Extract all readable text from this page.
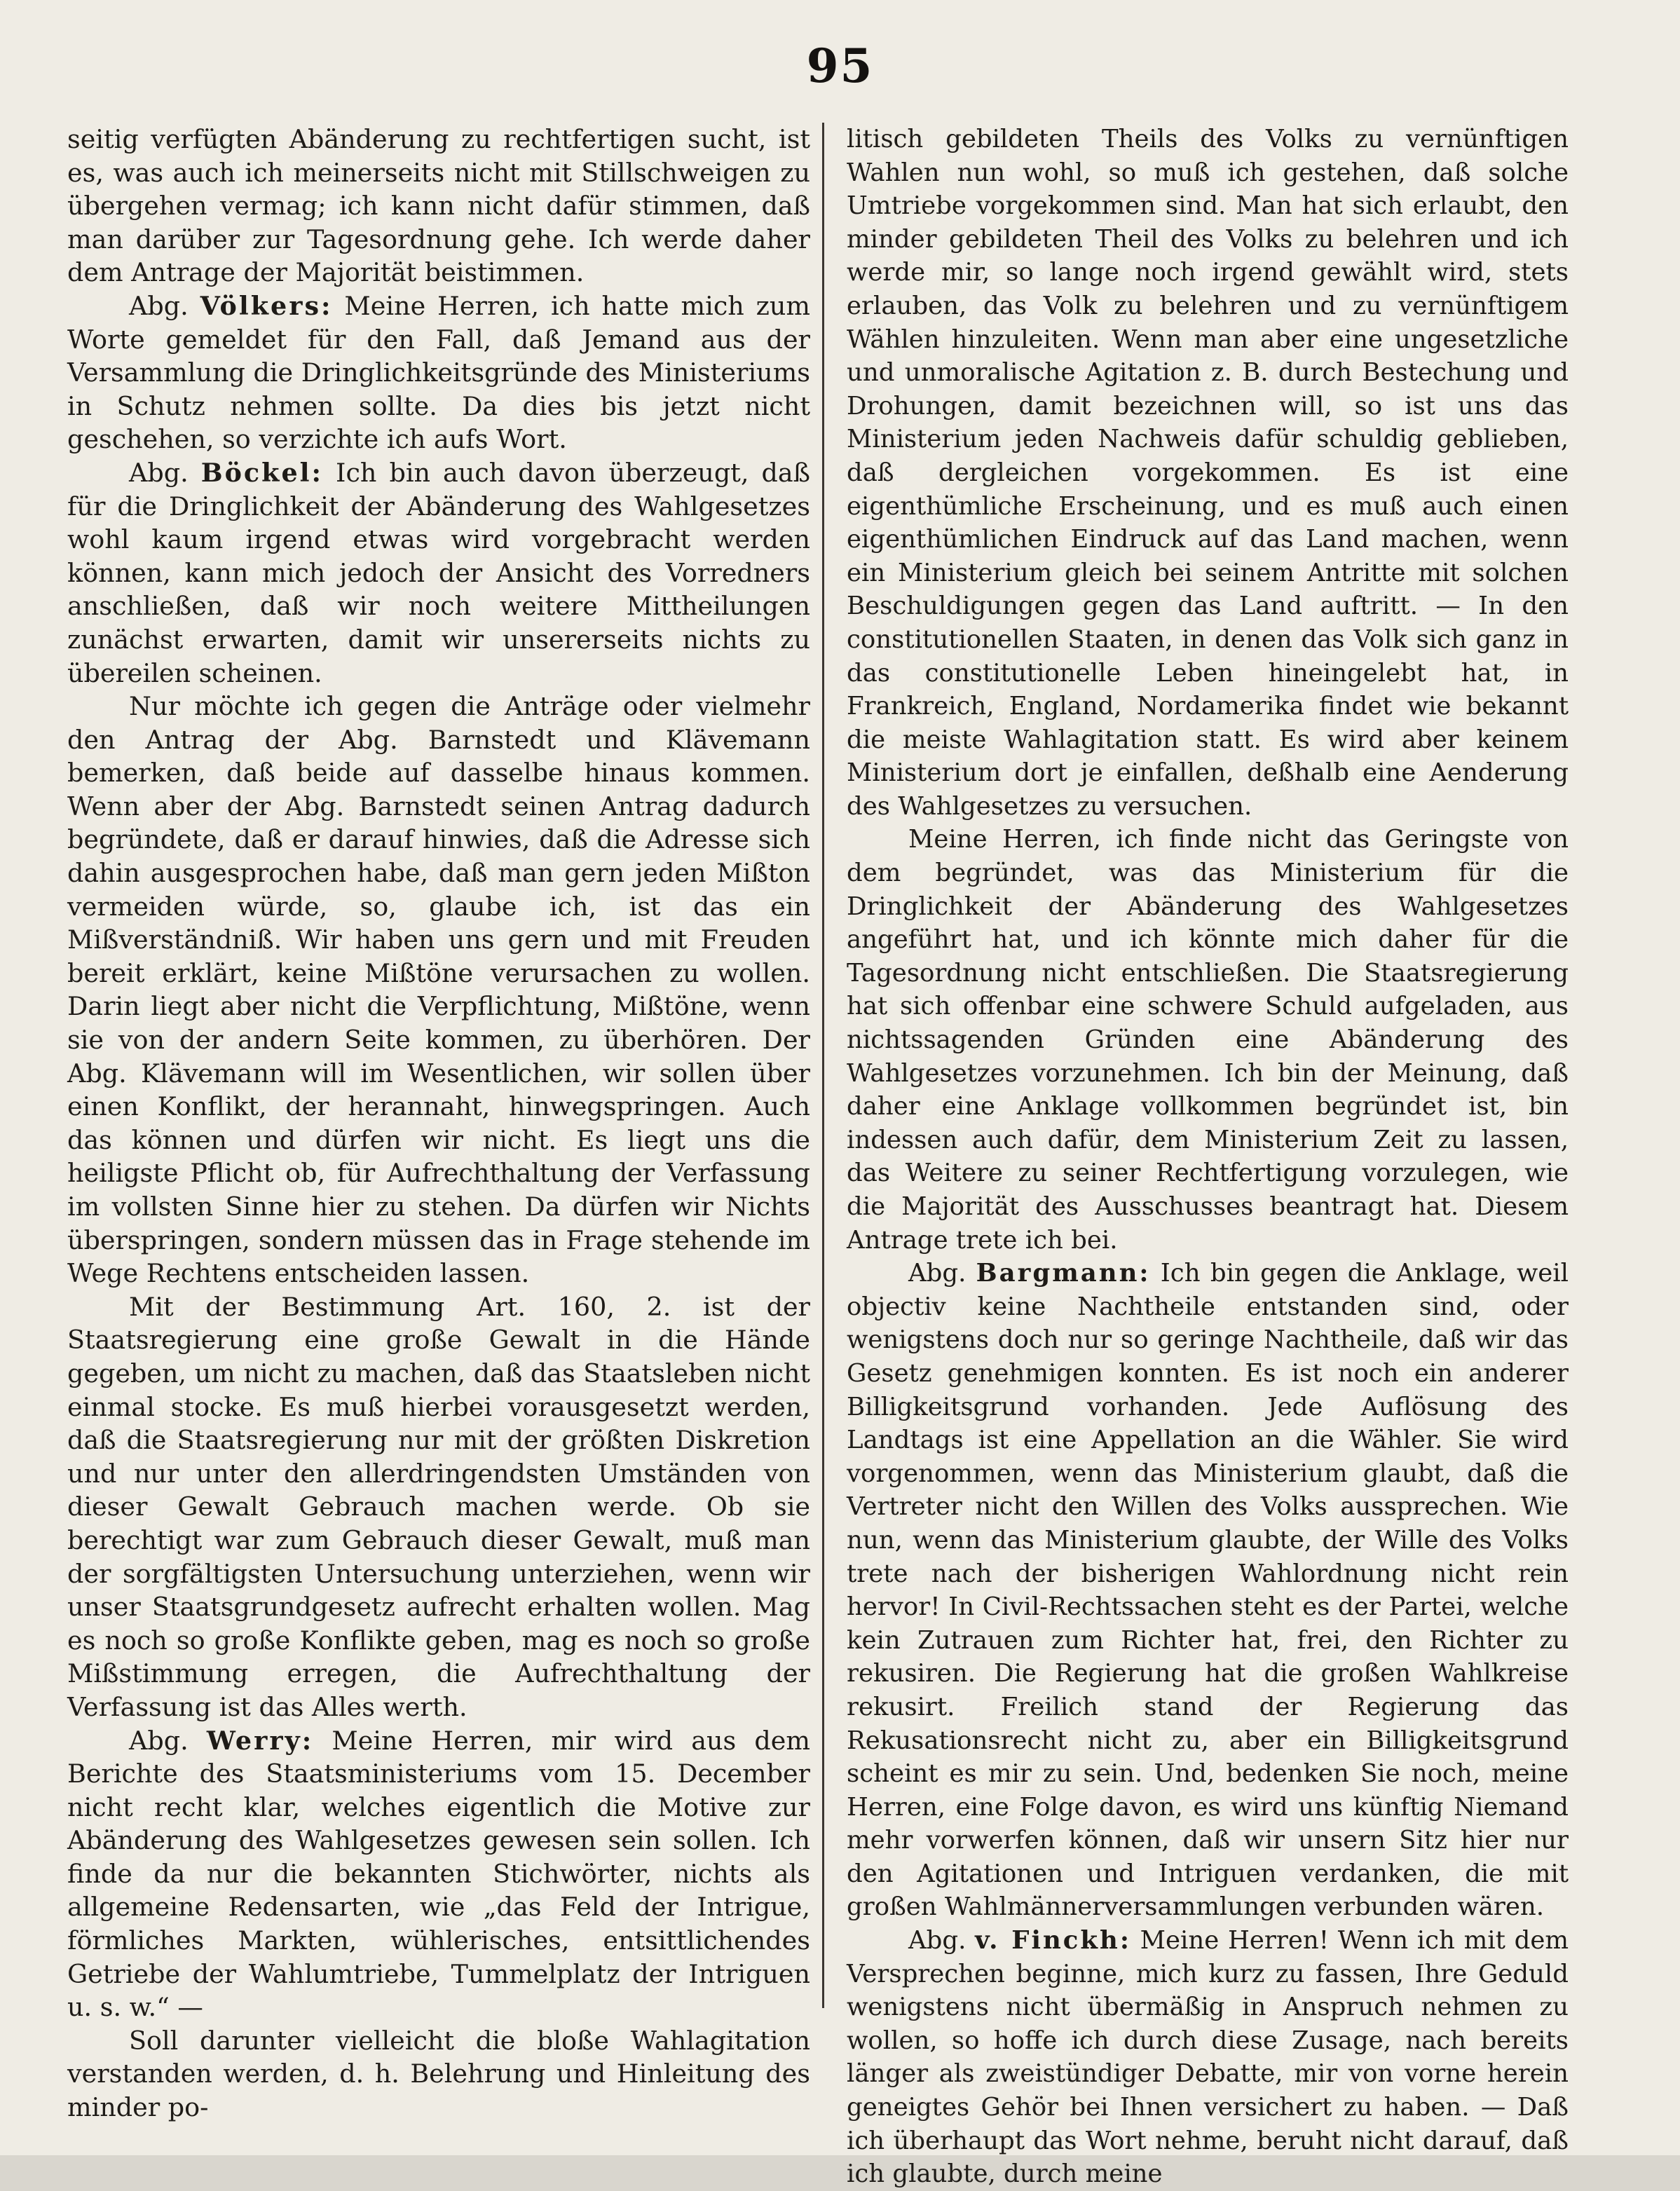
95

seitig verfügten Abänderung zu rechtfertigen sucht, ist es, was auch ich meinerseits nicht mit Stillschweigen zu übergehen vermag; ich kann nicht dafür stimmen, daß man darüber zur Tagesordnung gehe. Ich werde daher dem Antrage der Majorität beistimmen.

Abg. Völkers: Meine Herren, ich hatte mich zum Worte gemeldet für den Fall, daß Jemand aus der Versammlung die Dringlichkeitsgründe des Ministeriums in Schutz nehmen sollte. Da dies bis jetzt nicht geschehen, so verzichte ich aufs Wort.

Abg. Böckel: Ich bin auch davon überzeugt, daß für die Dringlichkeit der Abänderung des Wahlgesetzes wohl kaum irgend etwas wird vorgebracht werden können, kann mich jedoch der Ansicht des Vorredners anschließen, daß wir noch weitere Mittheilungen zunächst erwarten, damit wir unsererseits nichts zu übereilen scheinen.

Nur möchte ich gegen die Anträge oder vielmehr den Antrag der Abg. Barnstedt und Klävemann bemerken, daß beide auf dasselbe hinaus kommen. Wenn aber der Abg. Barnstedt seinen Antrag dadurch begründete, daß er darauf hinwies, daß die Adresse sich dahin ausgesprochen habe, daß man gern jeden Mißton vermeiden würde, so, glaube ich, ist das ein Mißverständniß. Wir haben uns gern und mit Freuden bereit erklärt, keine Mißtöne verursachen zu wollen. Darin liegt aber nicht die Verpflichtung, Mißtöne, wenn sie von der andern Seite kommen, zu überhören. Der Abg. Klävemann will im Wesentlichen, wir sollen über einen Konflikt, der herannaht, hinwegspringen. Auch das können und dürfen wir nicht. Es liegt uns die heiligste Pflicht ob, für Aufrechthaltung der Verfassung im vollsten Sinne hier zu stehen. Da dürfen wir Nichts überspringen, sondern müssen das in Frage stehende im Wege Rechtens entscheiden lassen.

Mit der Bestimmung Art. 160, 2. ist der Staatsregierung eine große Gewalt in die Hände gegeben, um nicht zu machen, daß das Staatsleben nicht einmal stocke. Es muß hierbei vorausgesetzt werden, daß die Staatsregierung nur mit der größten Diskretion und nur unter den allerdringendsten Umständen von dieser Gewalt Gebrauch machen werde. Ob sie berechtigt war zum Gebrauch dieser Gewalt, muß man der sorgfältigsten Untersuchung unterziehen, wenn wir unser Staatsgrundgesetz aufrecht erhalten wollen. Mag es noch so große Konflikte geben, mag es noch so große Mißstimmung erregen, die Aufrechthaltung der Verfassung ist das Alles werth.

Abg. Werry: Meine Herren, mir wird aus dem Berichte des Staatsministeriums vom 15. December nicht recht klar, welches eigentlich die Motive zur Abänderung des Wahlgesetzes gewesen sein sollen. Ich finde da nur die bekannten Stichwörter, nichts als allgemeine Redensarten, wie „das Feld der Intrigue, förmliches Markten, wühlerisches, entsittlichendes Getriebe der Wahlumtriebe, Tummelplatz der Intriguen u. s. w.“ —

Soll darunter vielleicht die bloße Wahlagitation verstanden werden, d. h. Belehrung und Hinleitung des minder po-

litisch gebildeten Theils des Volks zu vernünftigen Wahlen nun wohl, so muß ich gestehen, daß solche Umtriebe vorgekommen sind. Man hat sich erlaubt, den minder gebildeten Theil des Volks zu belehren und ich werde mir, so lange noch irgend gewählt wird, stets erlauben, das Volk zu belehren und zu vernünftigem Wählen hinzuleiten. Wenn man aber eine ungesetzliche und unmoralische Agitation z. B. durch Bestechung und Drohungen, damit bezeichnen will, so ist uns das Ministerium jeden Nachweis dafür schuldig geblieben, daß dergleichen vorgekommen. Es ist eine eigenthümliche Erscheinung, und es muß auch einen eigenthümlichen Eindruck auf das Land machen, wenn ein Ministerium gleich bei seinem Antritte mit solchen Beschuldigungen gegen das Land auftritt. — In den constitutionellen Staaten, in denen das Volk sich ganz in das constitutionelle Leben hineingelebt hat, in Frankreich, England, Nordamerika findet wie bekannt die meiste Wahlagitation statt. Es wird aber keinem Ministerium dort je einfallen, deßhalb eine Aenderung des Wahlgesetzes zu versuchen.

Meine Herren, ich finde nicht das Geringste von dem begründet, was das Ministerium für die Dringlichkeit der Abänderung des Wahlgesetzes angeführt hat, und ich könnte mich daher für die Tagesordnung nicht entschließen. Die Staatsregierung hat sich offenbar eine schwere Schuld aufgeladen, aus nichtssagenden Gründen eine Abänderung des Wahlgesetzes vorzunehmen. Ich bin der Meinung, daß daher eine Anklage vollkommen begründet ist, bin indessen auch dafür, dem Ministerium Zeit zu lassen, das Weitere zu seiner Rechtfertigung vorzulegen, wie die Majorität des Ausschusses beantragt hat. Diesem Antrage trete ich bei.

Abg. Bargmann: Ich bin gegen die Anklage, weil objectiv keine Nachtheile entstanden sind, oder wenigstens doch nur so geringe Nachtheile, daß wir das Gesetz genehmigen konnten. Es ist noch ein anderer Billigkeitsgrund vorhanden. Jede Auflösung des Landtags ist eine Appellation an die Wähler. Sie wird vorgenommen, wenn das Ministerium glaubt, daß die Vertreter nicht den Willen des Volks aussprechen. Wie nun, wenn das Ministerium glaubte, der Wille des Volks trete nach der bisherigen Wahlordnung nicht rein hervor! In Civil-Rechtssachen steht es der Partei, welche kein Zutrauen zum Richter hat, frei, den Richter zu rekusiren. Die Regierung hat die großen Wahlkreise rekusirt. Freilich stand der Regierung das Rekusationsrecht nicht zu, aber ein Billigkeitsgrund scheint es mir zu sein. Und, bedenken Sie noch, meine Herren, eine Folge davon, es wird uns künftig Niemand mehr vorwerfen können, daß wir unsern Sitz hier nur den Agitationen und Intriguen verdanken, die mit großen Wahlmännerversammlungen verbunden wären.

Abg. v. Finckh: Meine Herren! Wenn ich mit dem Versprechen beginne, mich kurz zu fassen, Ihre Geduld wenigstens nicht übermäßig in Anspruch nehmen zu wollen, so hoffe ich durch diese Zusage, nach bereits länger als zweistündiger Debatte, mir von vorne herein geneigtes Gehör bei Ihnen versichert zu haben. — Daß ich überhaupt das Wort nehme, beruht nicht darauf, daß ich glaubte, durch meine
